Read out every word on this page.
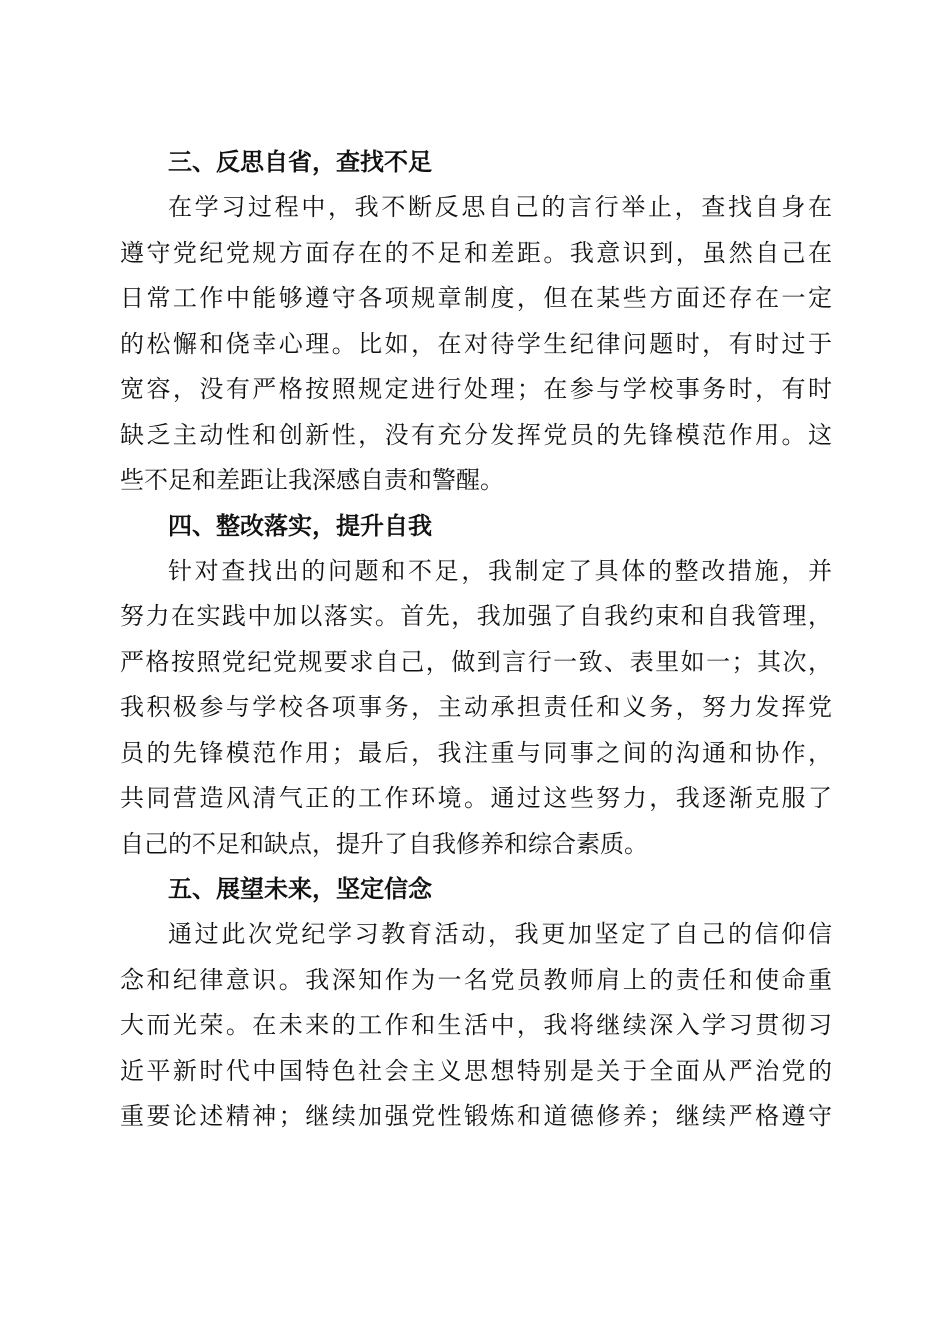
三、反思自省，查找不足

在学习过程中，我不断反思自己的言行举止，查找自身在
遵守党纪党规方面存在的不足和差距。我意识到，虽然自己在
日常工作中能够遵守各项规章制度，但在某些方面还存在一定
的松懈和侥幸心理。比如，在对待学生纪律问题时，有时过于
宽容，没有严格按照规定进行处理；在参与学校事务时，有时
缺乏主动性和创新性，没有充分发挥党员的先锋模范作用。这
些不足和差距让我深感自责和警醒。

四、整改落实，提升自我

针对查找出的问题和不足，我制定了具体的整改措施，并
努力在实践中加以落实。首先，我加强了自我约束和自我管理，
严格按照党纪党规要求自己，做到言行一致、表里如一；其次，
我积极参与学校各项事务，主动承担责任和义务，努力发挥党
员的先锋模范作用；最后，我注重与同事之间的沟通和协作，
共同营造风清气正的工作环境。通过这些努力，我逐渐克服了
自己的不足和缺点，提升了自我修养和综合素质。

五、展望未来，坚定信念

通过此次党纪学习教育活动，我更加坚定了自己的信仰信
念和纪律意识。我深知作为一名党员教师肩上的责任和使命重
大而光荣。在未来的工作和生活中，我将继续深入学习贯彻习
近平新时代中国特色社会主义思想特别是关于全面从严治党的
重要论述精神；继续加强党性锻炼和道德修养；继续严格遵守
